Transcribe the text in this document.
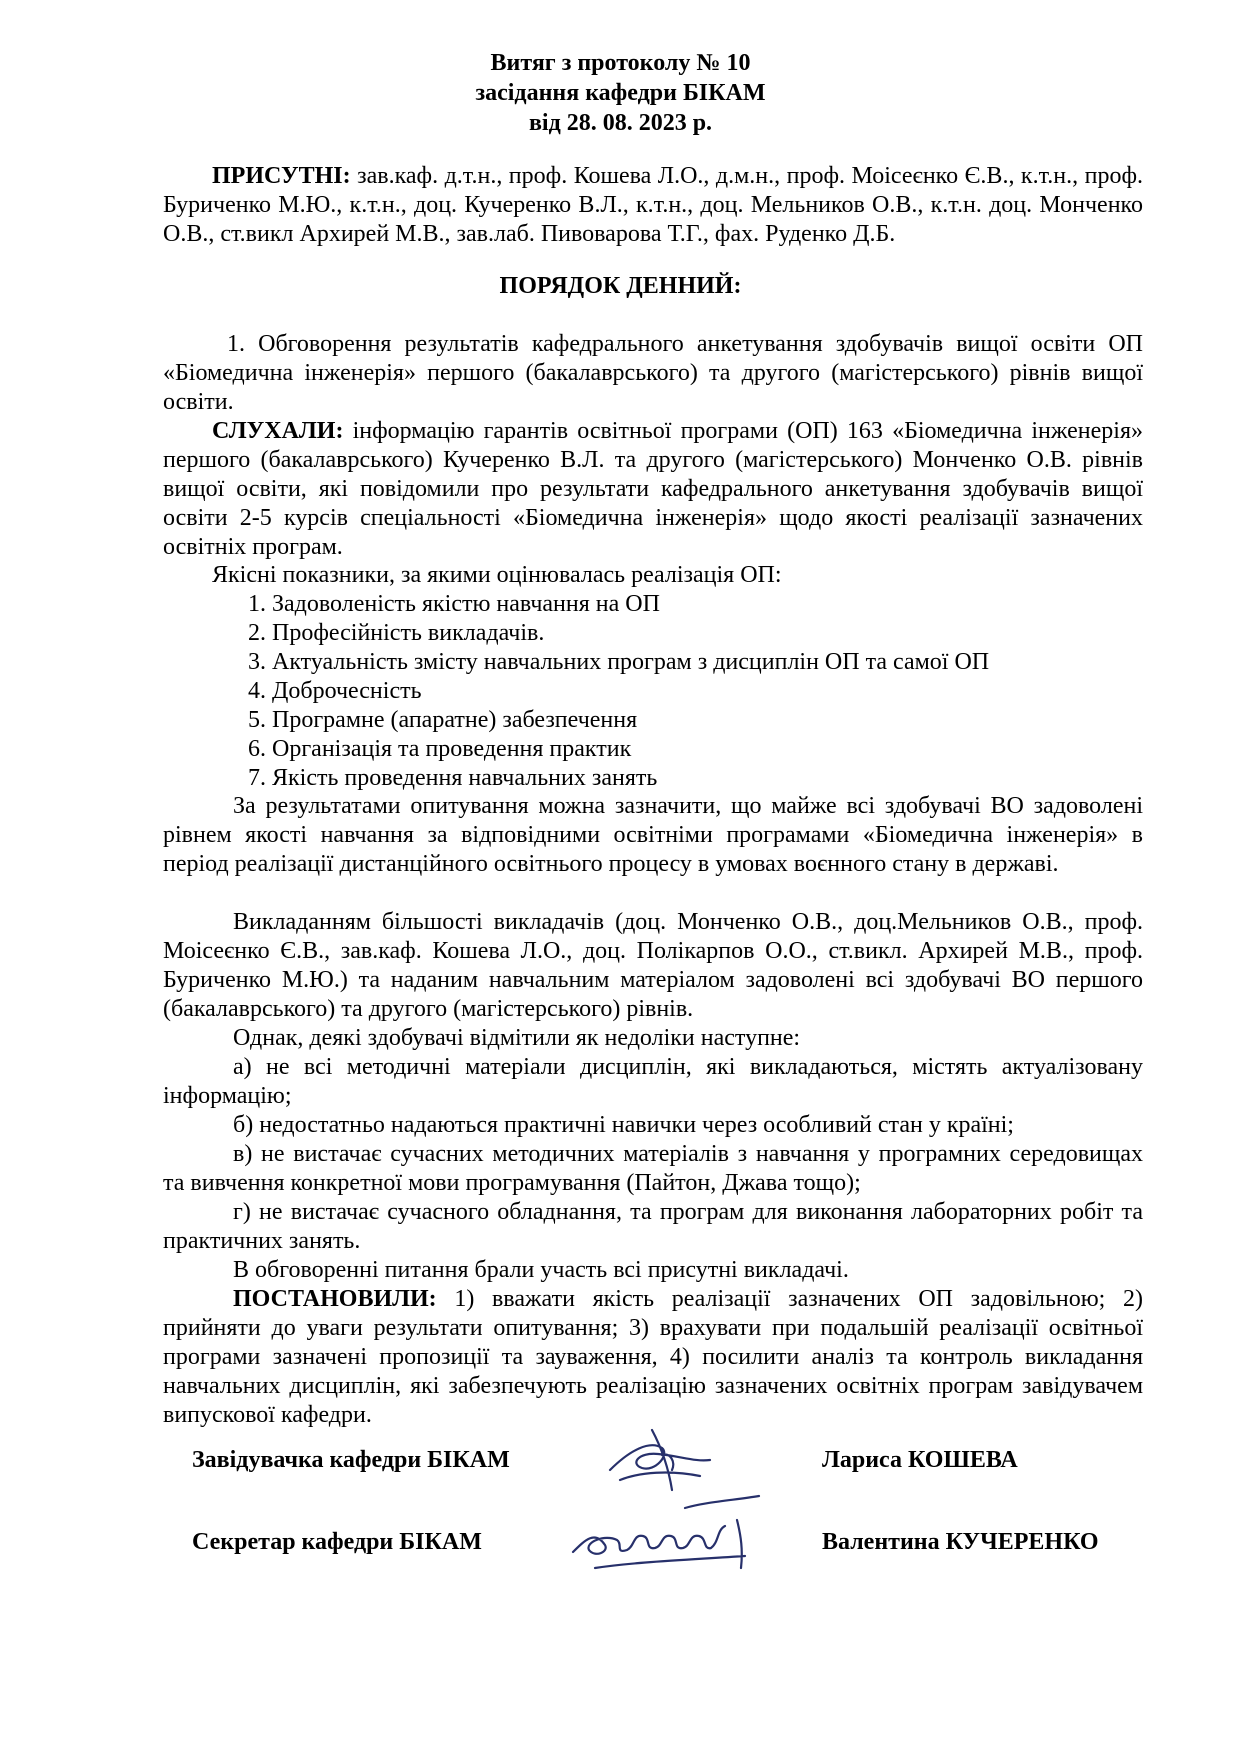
Витяг з протоколу № 10
засідання кафедри БІКАМ
від 28. 08. 2023 р.
ПРИСУТНІ: зав.каф. д.т.н., проф. Кошева Л.О., д.м.н., проф. Моісеєнко Є.В., к.т.н., проф. Буриченко М.Ю., к.т.н., доц. Кучеренко В.Л., к.т.н., доц. Мельников О.В., к.т.н. доц. Монченко О.В., ст.викл Архирей М.В., зав.лаб. Пивоварова Т.Г., фах. Руденко Д.Б.
ПОРЯДОК ДЕННИЙ:
1. Обговорення результатів кафедрального анкетування здобувачів вищої освіти ОП «Біомедична інженерія» першого (бакалаврського) та другого (магістерського) рівнів вищої освіти.
СЛУХАЛИ: інформацію гарантів освітньої програми (ОП) 163 «Біомедична інженерія» першого (бакалаврського) Кучеренко В.Л. та другого (магістерського) Монченко О.В. рівнів вищої освіти, які повідомили про результати кафедрального анкетування здобувачів вищої освіти 2-5 курсів спеціальності «Біомедична інженерія» щодо якості реалізації зазначених освітніх програм.
Якісні показники, за якими оцінювалась реалізація ОП:
1. Задоволеність якістю навчання на ОП
2. Професійність викладачів.
3. Актуальність змісту навчальних програм з дисциплін ОП та самої ОП
4. Доброчесність
5. Програмне (апаратне) забезпечення
6. Організація та проведення практик
7. Якість проведення навчальних занять
За результатами опитування можна зазначити, що майже всі здобувачі ВО задоволені рівнем якості навчання за відповідними освітніми програмами «Біомедична інженерія» в період реалізації дистанційного освітнього процесу в умовах воєнного стану в державі.
Викладанням більшості викладачів (доц. Монченко О.В., доц.Мельников О.В., проф. Моісеєнко Є.В., зав.каф. Кошева Л.О., доц. Полікарпов О.О., ст.викл. Архирей М.В., проф. Буриченко М.Ю.) та наданим навчальним матеріалом задоволені всі здобувачі ВО першого (бакалаврського) та другого (магістерського) рівнів.
Однак, деякі здобувачі відмітили як недоліки наступне:
а) не всі методичні матеріали дисциплін, які викладаються, містять актуалізовану інформацію;
б) недостатньо надаються практичні навички через особливий стан у країні;
в) не вистачає сучасних методичних матеріалів з навчання у програмних середовищах та вивчення конкретної мови програмування (Пайтон, Джава тощо);
г) не вистачає сучасного обладнання, та програм для виконання лабораторних робіт та практичних занять.
В обговоренні питання брали участь всі присутні викладачі.
ПОСТАНОВИЛИ: 1) вважати якість реалізації зазначених ОП задовільною; 2) прийняти до уваги результати опитування; 3) врахувати при подальшій реалізації освітньої програми зазначені пропозиції та зауваження, 4) посилити аналіз та контроль викладання навчальних дисциплін, які забезпечують реалізацію зазначених освітніх програм завідувачем випускової кафедри.
Завідувачка кафедри БІКАМ	Лариса КОШЕВА
Секретар кафедри БІКАМ	Валентина КУЧЕРЕНКО
